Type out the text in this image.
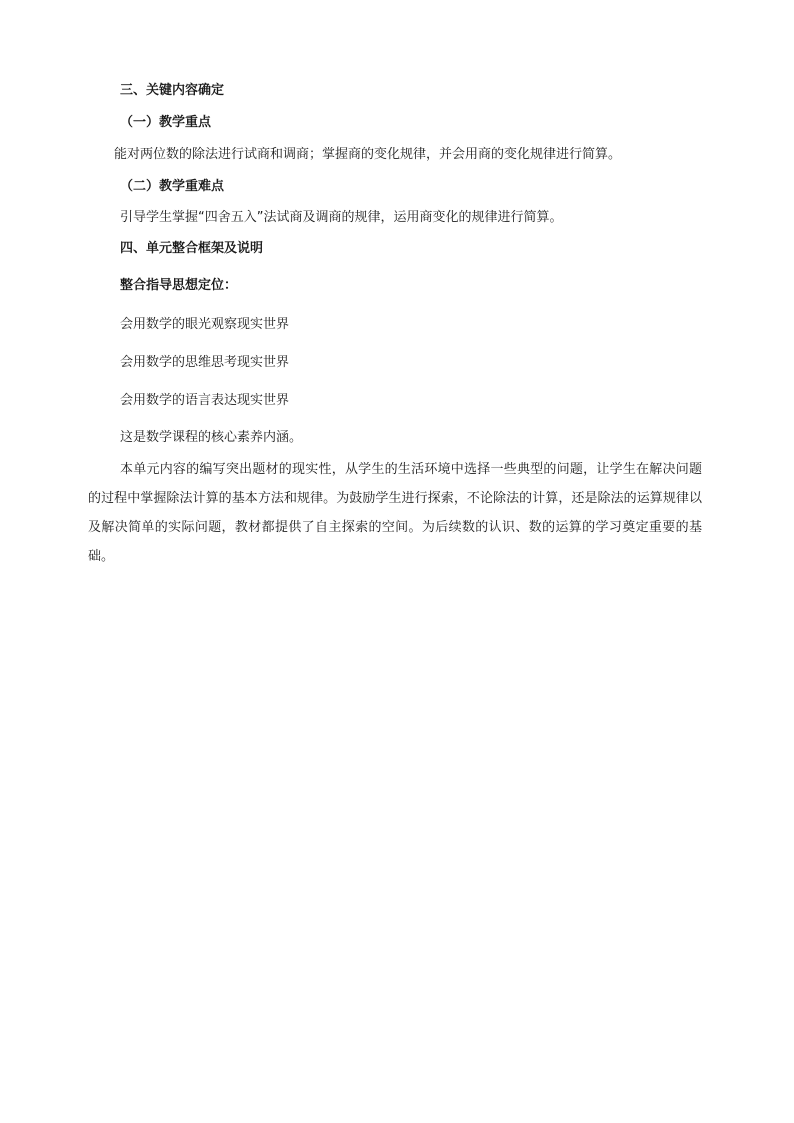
三、关键内容确定
（一）教学重点
能对两位数的除法进行试商和调商；掌握商的变化规律，并会用商的变化规律进行简算。
（二）教学重难点
引导学生掌握“四舍五入”法试商及调商的规律，运用商变化的规律进行简算。
四、单元整合框架及说明
整合指导思想定位：
会用数学的眼光观察现实世界
会用数学的思维思考现实世界
会用数学的语言表达现实世界
这是数学课程的核心素养内涵。
本单元内容的编写突出题材的现实性，从学生的生活环境中选择一些典型的问题，让学生在解决问题的过程中掌握除法计算的基本方法和规律。为鼓励学生进行探索，不论除法的计算，还是除法的运算规律以及解决简单的实际问题，教材都提供了自主探索的空间。为后续数的认识、数的运算的学习奠定重要的基础。
